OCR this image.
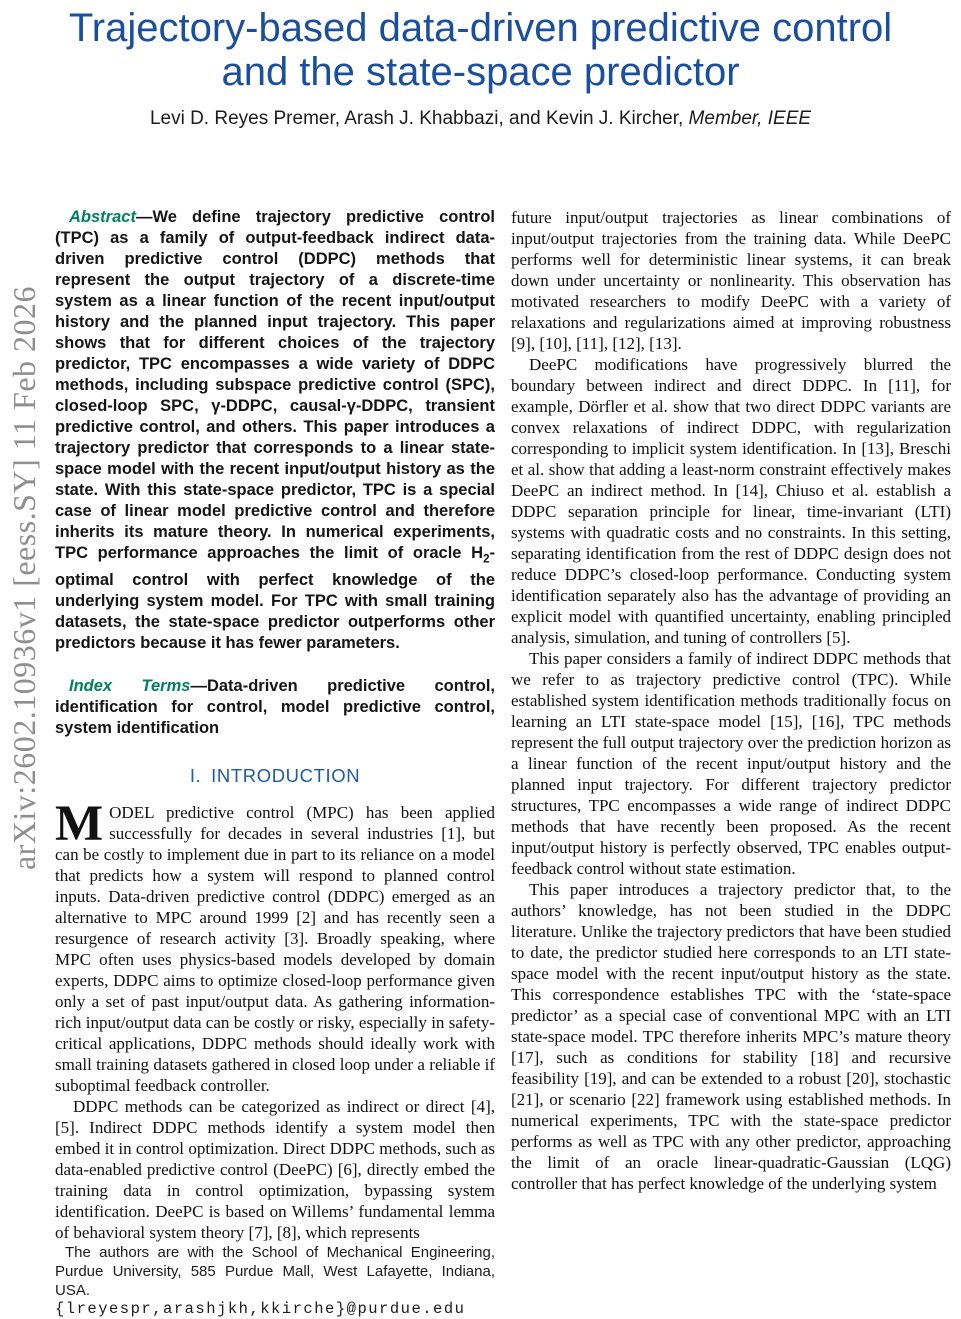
arXiv:2602.10936v1 [eess.SY] 11 Feb 2026
Trajectory-based data-driven predictive control
and the state-space predictor
Levi D. Reyes Premer, Arash J. Khabbazi, and Kevin J. Kircher, Member, IEEE

Abstract—We define trajectory predictive control (TPC) as a family of output-feedback indirect data-driven predictive control (DDPC) methods that represent the output trajectory of a discrete-time system as a linear function of the recent input/output history and the planned input trajectory. This paper shows that for different choices of the trajectory predictor, TPC encompasses a wide variety of DDPC methods, including subspace predictive control (SPC), closed-loop SPC, γ-DDPC, causal-γ-DDPC, transient predictive control, and others. This paper introduces a trajectory predictor that corresponds to a linear state-space model with the recent input/output history as the state. With this state-space predictor, TPC is a special case of linear model predictive control and therefore inherits its mature theory. In numerical experiments, TPC performance approaches the limit of oracle $H_2$-optimal control with perfect knowledge of the underlying system model. For TPC with small training datasets, the state-space predictor outperforms other predictors because it has fewer parameters.

Index Terms—Data-driven predictive control, identification for control, model predictive control, system identification

I. INTRODUCTION

MODEL predictive control (MPC) has been applied successfully for decades in several industries [1], but can be costly to implement due in part to its reliance on a model that predicts how a system will respond to planned control inputs. Data-driven predictive control (DDPC) emerged as an alternative to MPC around 1999 [2] and has recently seen a resurgence of research activity [3]. Broadly speaking, where MPC often uses physics-based models developed by domain experts, DDPC aims to optimize closed-loop performance given only a set of past input/output data. As gathering information-rich input/output data can be costly or risky, especially in safety-critical applications, DDPC methods should ideally work with small training datasets gathered in closed loop under a reliable if suboptimal feedback controller.

DDPC methods can be categorized as indirect or direct [4], [5]. Indirect DDPC methods identify a system model then embed it in control optimization. Direct DDPC methods, such as data-enabled predictive control (DeePC) [6], directly embed the training data in control optimization, bypassing system identification. DeePC is based on Willems’ fundamental lemma of behavioral system theory [7], [8], which represents

The authors are with the School of Mechanical Engineering, Purdue University, 585 Purdue Mall, West Lafayette, Indiana, USA.

{lreyespr,arashjkh,kkirche}@purdue.edu

future input/output trajectories as linear combinations of input/output trajectories from the training data. While DeePC performs well for deterministic linear systems, it can break down under uncertainty or nonlinearity. This observation has motivated researchers to modify DeePC with a variety of relaxations and regularizations aimed at improving robustness [9], [10], [11], [12], [13].

DeePC modifications have progressively blurred the boundary between indirect and direct DDPC. In [11], for example, Dörfler et al. show that two direct DDPC variants are convex relaxations of indirect DDPC, with regularization corresponding to implicit system identification. In [13], Breschi et al. show that adding a least-norm constraint effectively makes DeePC an indirect method. In [14], Chiuso et al. establish a DDPC separation principle for linear, time-invariant (LTI) systems with quadratic costs and no constraints. In this setting, separating identification from the rest of DDPC design does not reduce DDPC’s closed-loop performance. Conducting system identification separately also has the advantage of providing an explicit model with quantified uncertainty, enabling principled analysis, simulation, and tuning of controllers [5].

This paper considers a family of indirect DDPC methods that we refer to as trajectory predictive control (TPC). While established system identification methods traditionally focus on learning an LTI state-space model [15], [16], TPC methods represent the full output trajectory over the prediction horizon as a linear function of the recent input/output history and the planned input trajectory. For different trajectory predictor structures, TPC encompasses a wide range of indirect DDPC methods that have recently been proposed. As the recent input/output history is perfectly observed, TPC enables output-feedback control without state estimation.

This paper introduces a trajectory predictor that, to the authors’ knowledge, has not been studied in the DDPC literature. Unlike the trajectory predictors that have been studied to date, the predictor studied here corresponds to an LTI state-space model with the recent input/output history as the state. This correspondence establishes TPC with the ‘state-space predictor’ as a special case of conventional MPC with an LTI state-space model. TPC therefore inherits MPC’s mature theory [17], such as conditions for stability [18] and recursive feasibility [19], and can be extended to a robust [20], stochastic [21], or scenario [22] framework using established methods. In numerical experiments, TPC with the state-space predictor performs as well as TPC with any other predictor, approaching the limit of an oracle linear-quadratic-Gaussian (LQG) controller that has perfect knowledge of the underlying system
